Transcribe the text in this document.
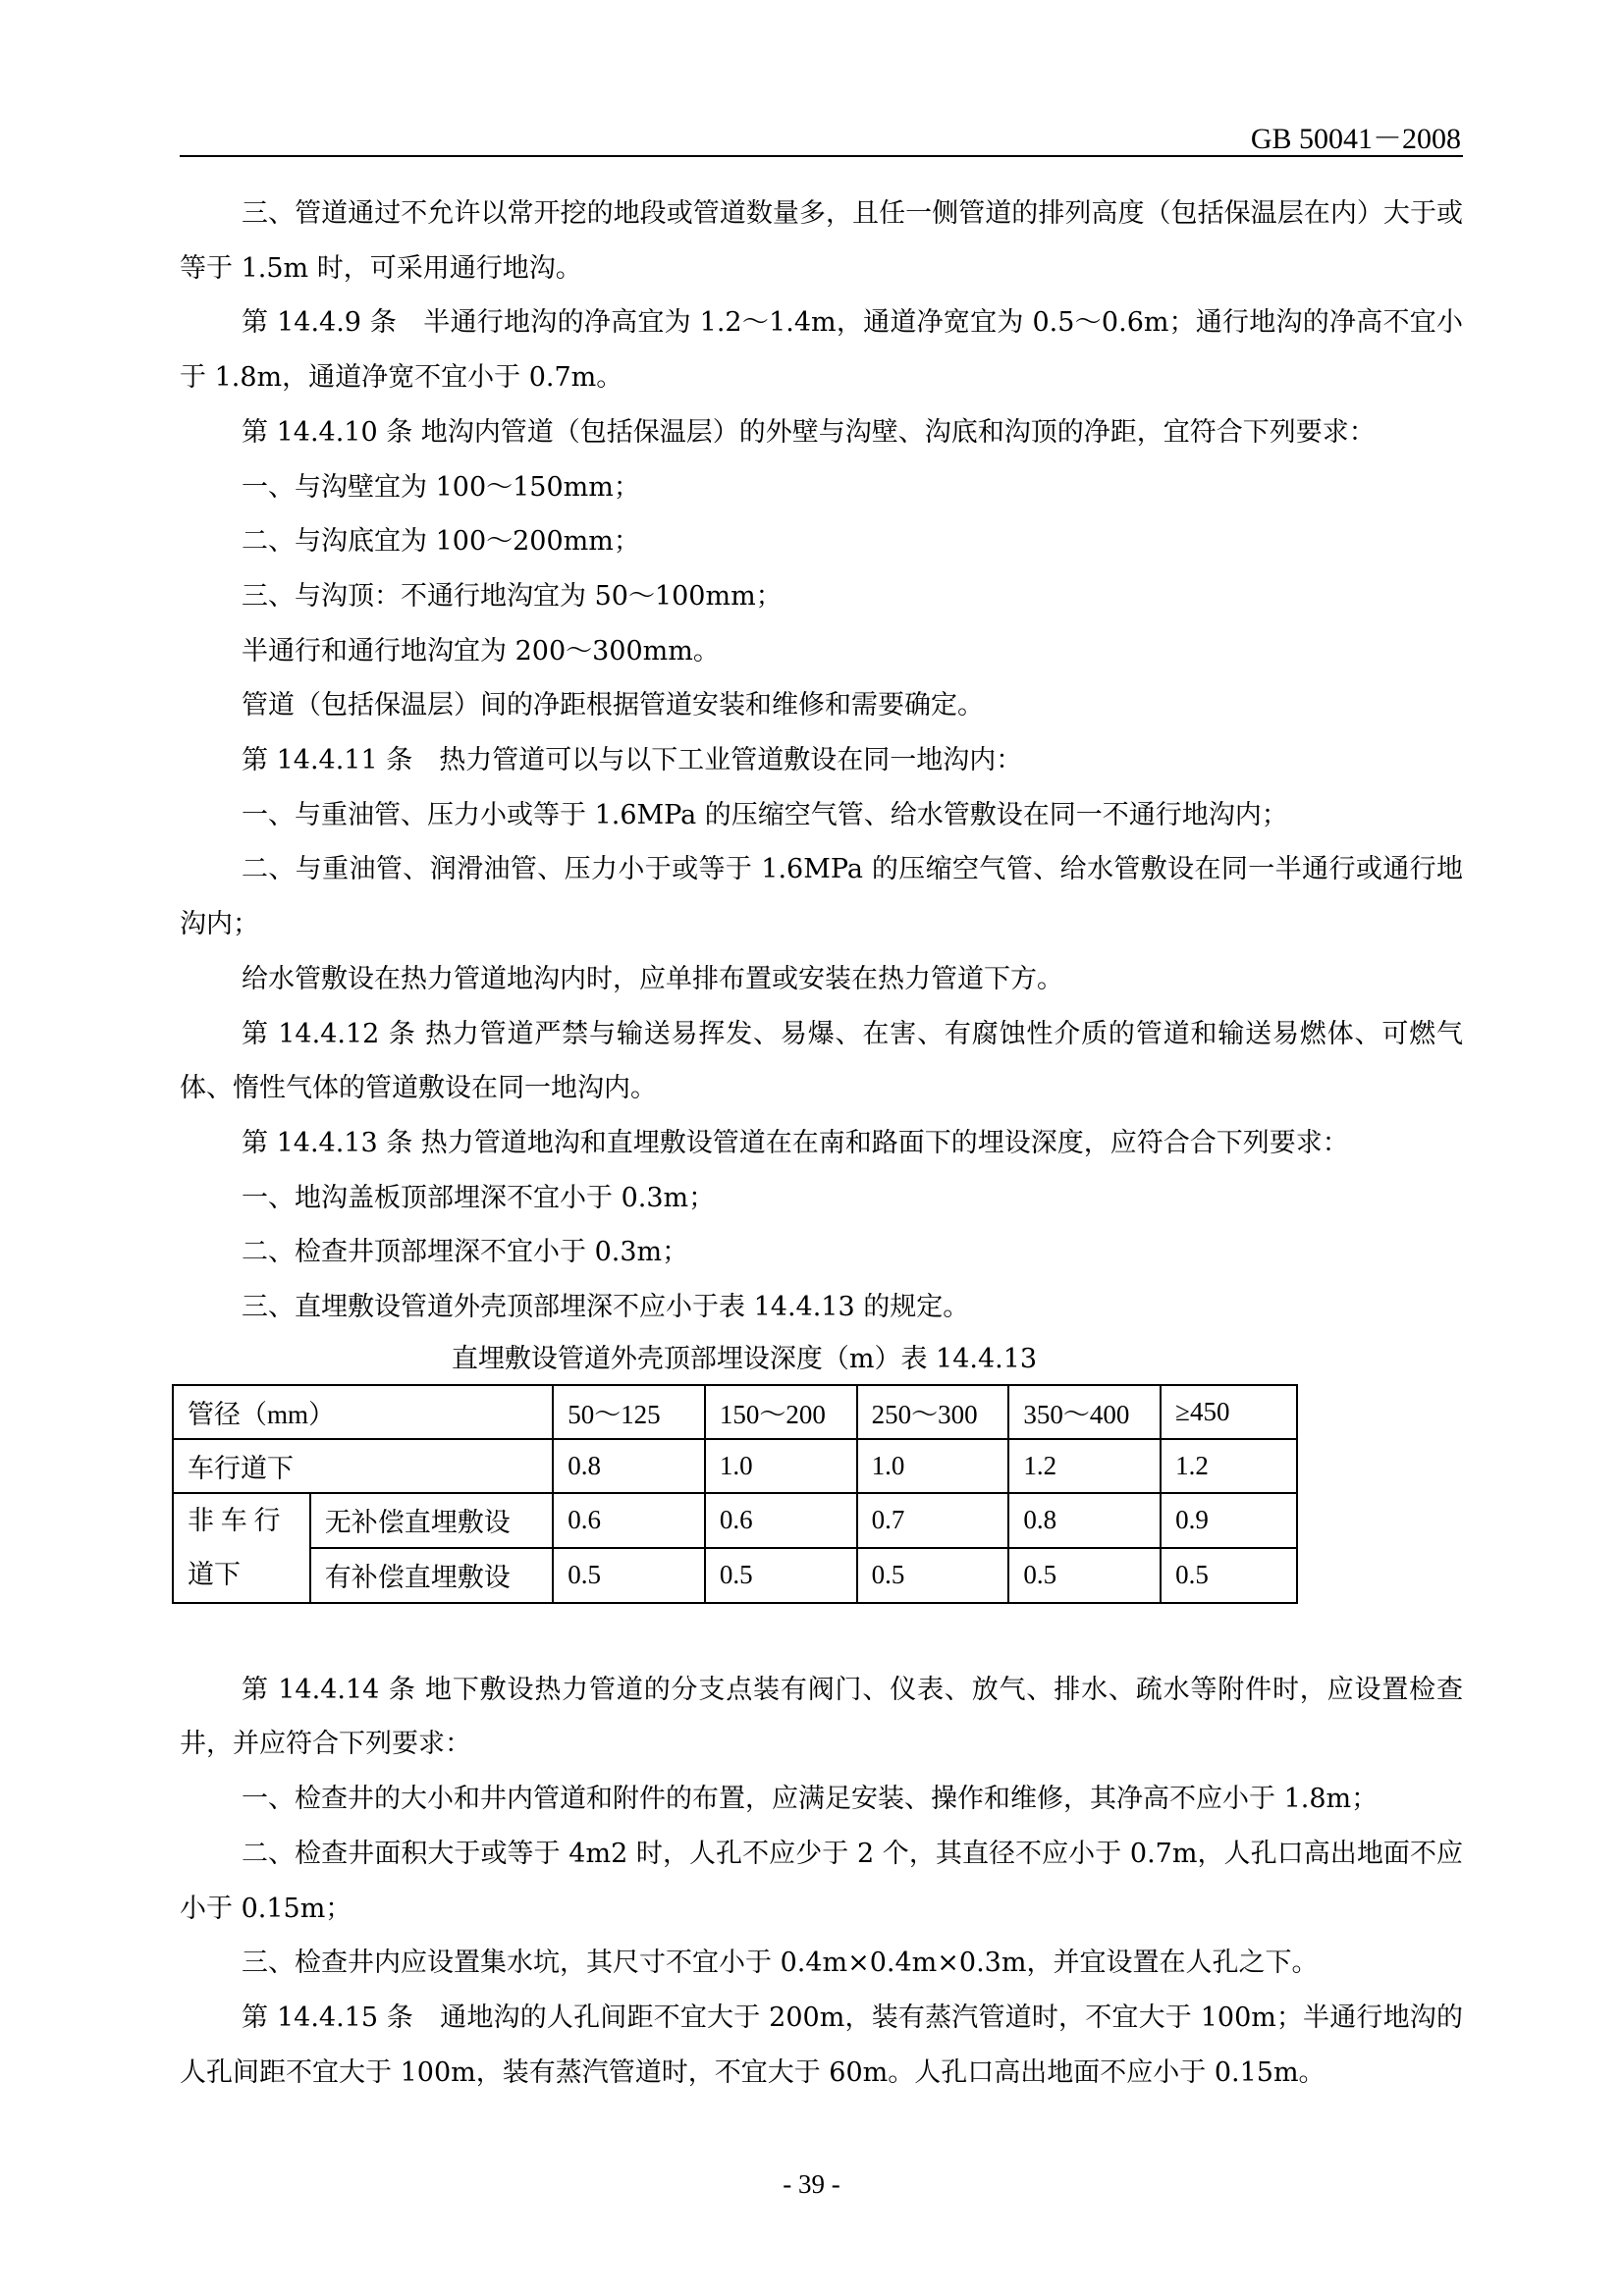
GB 50041－2008

三、管道通过不允许以常开挖的地段或管道数量多，且任一侧管道的排列高度（包括保温层在内）大于或等于 1.5m 时，可采用通行地沟。

第 14.4.9 条　半通行地沟的净高宜为 1.2～1.4m，通道净宽宜为 0.5～0.6m；通行地沟的净高不宜小于 1.8m，通道净宽不宜小于 0.7m。

第 14.4.10 条 地沟内管道（包括保温层）的外壁与沟壁、沟底和沟顶的净距，宜符合下列要求：

一、与沟壁宜为 100～150mm；

二、与沟底宜为 100～200mm；

三、与沟顶：不通行地沟宜为 50～100mm；

半通行和通行地沟宜为 200～300mm。

管道（包括保温层）间的净距根据管道安装和维修和需要确定。

第 14.4.11 条　热力管道可以与以下工业管道敷设在同一地沟内：

一、与重油管、压力小或等于 1.6MPa 的压缩空气管、给水管敷设在同一不通行地沟内；

二、与重油管、润滑油管、压力小于或等于 1.6MPa 的压缩空气管、给水管敷设在同一半通行或通行地沟内；

给水管敷设在热力管道地沟内时，应单排布置或安装在热力管道下方。

第 14.4.12 条 热力管道严禁与输送易挥发、易爆、在害、有腐蚀性介质的管道和输送易燃体、可燃气体、惰性气体的管道敷设在同一地沟内。

第 14.4.13 条 热力管道地沟和直埋敷设管道在在南和路面下的埋设深度，应符合合下列要求：

一、地沟盖板顶部埋深不宜小于 0.3m；

二、检查井顶部埋深不宜小于 0.3m；

三、直埋敷设管道外壳顶部埋深不应小于表 14.4.13 的规定。

直埋敷设管道外壳顶部埋设深度（m）表 14.4.13

管径（mm）		50～125	150～200	250～300	350～400	≥450
车行道下		0.8	1.0	1.0	1.2	1.2

非 车 行
道下	无补偿直埋敷设	0.6	0.6	0.7	0.8	0.9
	有补偿直埋敷设	0.5	0.5	0.5	0.5	0.5

第 14.4.14 条 地下敷设热力管道的分支点装有阀门、仪表、放气、排水、疏水等附件时，应设置检查井，并应符合下列要求：

一、检查井的大小和井内管道和附件的布置，应满足安装、操作和维修，其净高不应小于 1.8m；

二、检查井面积大于或等于 4m2 时，人孔不应少于 2 个，其直径不应小于 0.7m，人孔口高出地面不应小于 0.15m；

三、检查井内应设置集水坑，其尺寸不宜小于 0.4m×0.4m×0.3m，并宜设置在人孔之下。

第 14.4.15 条　通地沟的人孔间距不宜大于 200m，装有蒸汽管道时，不宜大于 100m；半通行地沟的人孔间距不宜大于 100m，装有蒸汽管道时，不宜大于 60m。人孔口高出地面不应小于 0.15m。

- 39 -
